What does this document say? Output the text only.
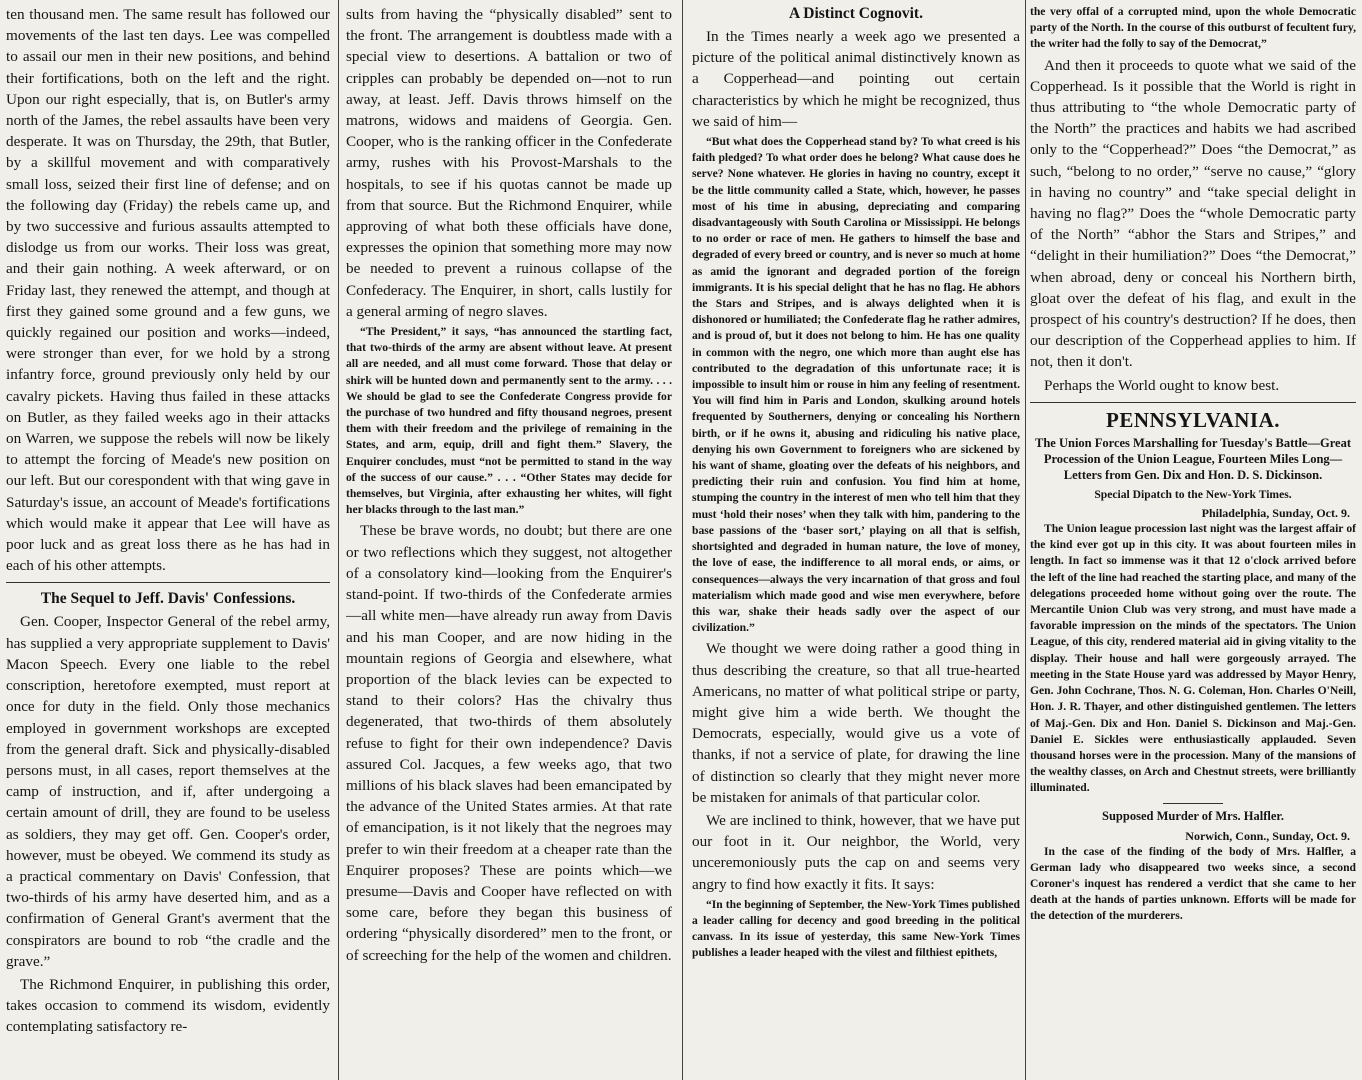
ten thousand men. The same result has followed our movements of the last ten days. Lee was compelled to assail our men in their new positions, and behind their fortifications, both on the left and the right. Upon our right especially, that is, on Butler's army north of the James, the rebel assaults have been very desperate. It was on Thursday, the 29th, that Butler, by a skillful movement and with comparatively small loss, seized their first line of defense; and on the following day (Friday) the rebels came up, and by two successive and furious assaults attempted to dislodge us from our works. Their loss was great, and their gain nothing. A week afterward, or on Friday last, they renewed the attempt, and though at first they gained some ground and a few guns, we quickly regained our position and works—indeed, were stronger than ever, for we hold by a strong infantry force, ground previously only held by our cavalry pickets. Having thus failed in these attacks on Butler, as they failed weeks ago in their attacks on Warren, we suppose the rebels will now be likely to attempt the forcing of Meade's new position on our left. But our corespondent with that wing gave in Saturday's issue, an account of Meade's fortifications which would make it appear that Lee will have as poor luck and as great loss there as he has had in each of his other attempts.

The Sequel to Jeff. Davis' Confessions.

Gen. Cooper, Inspector General of the rebel army, has supplied a very appropriate supplement to Davis' Macon Speech. Every one liable to the rebel conscription, heretofore exempted, must report at once for duty in the field. Only those mechanics employed in government workshops are excepted from the general draft. Sick and physically-disabled persons must, in all cases, report themselves at the camp of instruction, and if, after undergoing a certain amount of drill, they are found to be useless as soldiers, they may get off. Gen. Cooper's order, however, must be obeyed. We commend its study as a practical commentary on Davis' Confession, that two-thirds of his army have deserted him, and as a confirmation of General Grant's averment that the conspirators are bound to rob “the cradle and the grave.”

The Richmond Enquirer, in publishing this order, takes occasion to commend its wisdom, evidently contemplating satisfactory re-

sults from having the “physically disabled” sent to the front. The arrangement is doubtless made with a special view to desertions. A battalion or two of cripples can probably be depended on—not to run away, at least. Jeff. Davis throws himself on the matrons, widows and maidens of Georgia. Gen. Cooper, who is the ranking officer in the Confederate army, rushes with his Provost-Marshals to the hospitals, to see if his quotas cannot be made up from that source. But the Richmond Enquirer, while approving of what both these officials have done, expresses the opinion that something more may now be needed to prevent a ruinous collapse of the Confederacy. The Enquirer, in short, calls lustily for a general arming of negro slaves.

“The President,” it says, “has announced the startling fact, that two-thirds of the army are absent without leave. At present all are needed, and all must come forward. Those that delay or shirk will be hunted down and permanently sent to the army. . . . We should be glad to see the Confederate Congress provide for the purchase of two hundred and fifty thousand negroes, present them with their freedom and the privilege of remaining in the States, and arm, equip, drill and fight them.” Slavery, the Enquirer concludes, must “not be permitted to stand in the way of the success of our cause.” . . . “Other States may decide for themselves, but Virginia, after exhausting her whites, will fight her blacks through to the last man.”

These be brave words, no doubt; but there are one or two reflections which they suggest, not altogether of a consolatory kind—looking from the Enquirer's stand-point. If two-thirds of the Confederate armies—all white men—have already run away from Davis and his man Cooper, and are now hiding in the mountain regions of Georgia and elsewhere, what proportion of the black levies can be expected to stand to their colors? Has the chivalry thus degenerated, that two-thirds of them absolutely refuse to fight for their own independence? Davis assured Col. Jacques, a few weeks ago, that two millions of his black slaves had been emancipated by the advance of the United States armies. At that rate of emancipation, is it not likely that the negroes may prefer to win their freedom at a cheaper rate than the Enquirer proposes? These are points which—we presume—Davis and Cooper have reflected on with some care, before they began this business of ordering “physically disordered” men to the front, or of screeching for the help of the women and children.

A Distinct Cognovit.

In the Times nearly a week ago we presented a picture of the political animal distinctively known as a Copperhead—and pointing out certain characteristics by which he might be recognized, thus we said of him—

“But what does the Copperhead stand by? To what creed is his faith pledged? To what order does he belong? What cause does he serve? None whatever. He glories in having no country, except it be the little community called a State, which, however, he passes most of his time in abusing, depreciating and comparing disadvantageously with South Carolina or Mississippi. He belongs to no order or race of men. He gathers to himself the base and degraded of every breed or country, and is never so much at home as amid the ignorant and degraded portion of the foreign immigrants. It is his special delight that he has no flag. He abhors the Stars and Stripes, and is always delighted when it is dishonored or humiliated; the Confederate flag he rather admires, and is proud of, but it does not belong to him. He has one quality in common with the negro, one which more than aught else has contributed to the degradation of this unfortunate race; it is impossible to insult him or rouse in him any feeling of resentment. You will find him in Paris and London, skulking around hotels frequented by Southerners, denying or concealing his Northern birth, or if he owns it, abusing and ridiculing his native place, denying his own Government to foreigners who are sickened by his want of shame, gloating over the defeats of his neighbors, and predicting their ruin and confusion. You find him at home, stumping the country in the interest of men who tell him that they must ‘hold their noses’ when they talk with him, pandering to the base passions of the ‘baser sort,’ playing on all that is selfish, shortsighted and degraded in human nature, the love of money, the love of ease, the indifference to all moral ends, or aims, or consequences—always the very incarnation of that gross and foul materialism which made good and wise men everywhere, before this war, shake their heads sadly over the aspect of our civilization.”

We thought we were doing rather a good thing in thus describing the creature, so that all true-hearted Americans, no matter of what political stripe or party, might give him a wide berth. We thought the Democrats, especially, would give us a vote of thanks, if not a service of plate, for drawing the line of distinction so clearly that they might never more be mistaken for animals of that particular color.

We are inclined to think, however, that we have put our foot in it. Our neighbor, the World, very unceremoniously puts the cap on and seems very angry to find how exactly it fits. It says:

“In the beginning of September, the New-York Times published a leader calling for decency and good breeding in the political canvass. In its issue of yesterday, this same New-York Times publishes a leader heaped with the vilest and filthiest epithets,

the very offal of a corrupted mind, upon the whole Democratic party of the North. In the course of this outburst of fecultent fury, the writer had the folly to say of the Democrat,”

And then it proceeds to quote what we said of the Copperhead. Is it possible that the World is right in thus attributing to “the whole Democratic party of the North” the practices and habits we had ascribed only to the “Copperhead?” Does “the Democrat,” as such, “belong to no order,” “serve no cause,” “glory in having no country” and “take special delight in having no flag?” Does the “whole Democratic party of the North” “abhor the Stars and Stripes,” and “delight in their humiliation?” Does “the Democrat,” when abroad, deny or conceal his Northern birth, gloat over the defeat of his flag, and exult in the prospect of his country's destruction? If he does, then our description of the Copperhead applies to him. If not, then it don't.

Perhaps the World ought to know best.

PENNSYLVANIA.
The Union Forces Marshalling for Tuesday's Battle—Great Procession of the Union League, Fourteen Miles Long—Letters from Gen. Dix and Hon. D. S. Dickinson.

Special Dipatch to the New-York Times.

Philadelphia, Sunday, Oct. 9.

The Union league procession last night was the largest affair of the kind ever got up in this city. It was about fourteen miles in length. In fact so immense was it that 12 o'clock arrived before the left of the line had reached the starting place, and many of the delegations proceeded home without going over the route. The Mercantile Union Club was very strong, and must have made a favorable impression on the minds of the spectators. The Union League, of this city, rendered material aid in giving vitality to the display. Their house and hall were gorgeously arrayed. The meeting in the State House yard was addressed by Mayor Henry, Gen. John Cochrane, Thos. N. G. Coleman, Hon. Charles O'Neill, Hon. J. R. Thayer, and other distinguished gentlemen. The letters of Maj.-Gen. Dix and Hon. Daniel S. Dickinson and Maj.-Gen. Daniel E. Sickles were enthusiastically applauded. Seven thousand horses were in the procession. Many of the mansions of the wealthy classes, on Arch and Chestnut streets, were brilliantly illuminated.

Supposed Murder of Mrs. Halfler.

Norwich, Conn., Sunday, Oct. 9.

In the case of the finding of the body of Mrs. Halfler, a German lady who disappeared two weeks since, a second Coroner's inquest has rendered a verdict that she came to her death at the hands of parties unknown. Efforts will be made for the detection of the murderers.
